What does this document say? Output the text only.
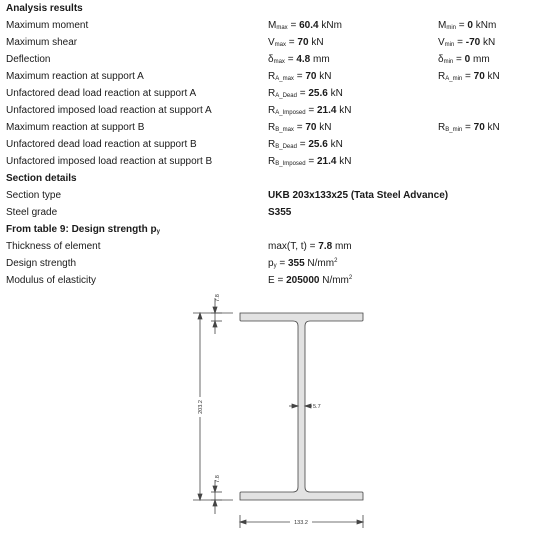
Analysis results
Maximum moment	$M_{max} = 60.4$ kNm	$M_{min} = 0$ kNm
Maximum shear	$V_{max} = 70$ kN	$V_{min} = -70$ kN
Deflection	$\delta_{max} = 4.8$ mm	$\delta_{min} = 0$ mm
Maximum reaction at support A	$R_{A\_max} = 70$ kN	$R_{A\_min} = 70$ kN
Unfactored dead load reaction at support A	$R_{A\_Dead} = 25.6$ kN
Unfactored imposed load reaction at support A	$R_{A\_Imposed} = 21.4$ kN
Maximum reaction at support B	$R_{B\_max} = 70$ kN	$R_{B\_min} = 70$ kN
Unfactored dead load reaction at support B	$R_{B\_Dead} = 25.6$ kN
Unfactored imposed load reaction at support B	$R_{B\_Imposed} = 21.4$ kN
Section details
Section type	UKB 203x133x25 (Tata Steel Advance)
Steel grade	S355
From table 9: Design strength $p_y$
Thickness of element	max(T, t) = 7.8 mm
Design strength	$p_y = 355$ $N/mm^2$
Modulus of elasticity	E = 205000 $N/mm^2$
203.2
7.8
7.8
5.7
133.2
